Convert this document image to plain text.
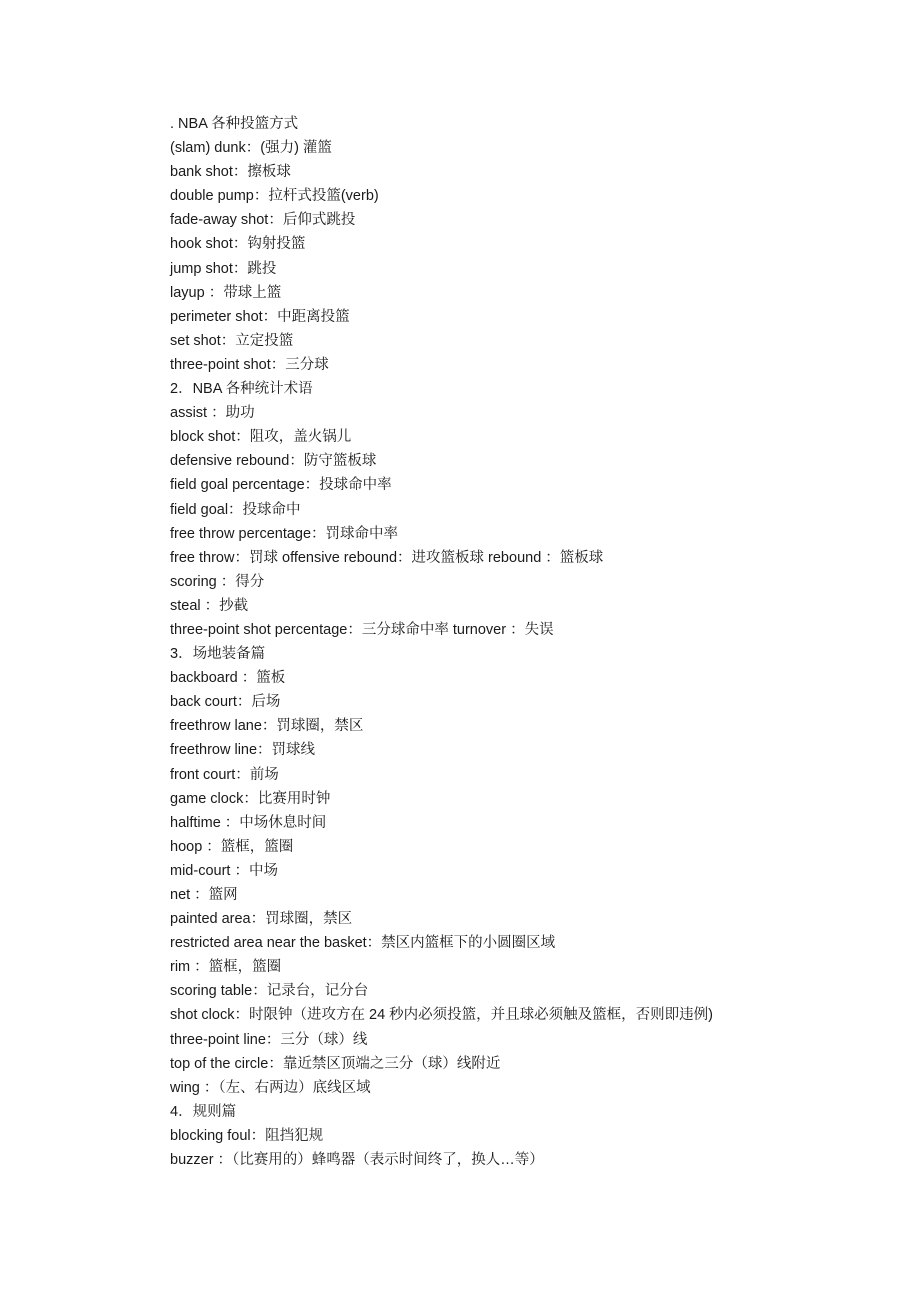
. NBA 各种投篮方式
(slam) dunk：(强力) 灌篮
bank shot：擦板球
double pump：拉杆式投篮(verb)
fade-away shot：后仰式跳投
hook shot：钩射投篮
jump shot：跳投
layup ：带球上篮
perimeter shot：中距离投篮
set shot：立定投篮
three-point shot：三分球
2．NBA 各种统计术语
assist ：助功
block shot：阻攻，盖火锅儿
defensive rebound：防守篮板球
field goal percentage：投球命中率
field goal：投球命中
free throw percentage：罚球命中率
free throw：罚球 offensive rebound：进攻篮板球 rebound ：篮板球
scoring ：得分
steal ：抄截
three-point shot percentage：三分球命中率 turnover ：失误
3．场地装备篇
backboard ：篮板
back court：后场
freethrow lane：罚球圈，禁区
freethrow line：罚球线
front court：前场
game clock：比赛用时钟
halftime ：中场休息时间
hoop ：篮框，篮圈
mid-court ：中场
net ：篮网
painted area：罚球圈，禁区
restricted area near the basket：禁区内篮框下的小圆圈区域
rim ：篮框，篮圈
scoring table：记录台，记分台
shot clock：时限钟（进攻方在 24 秒内必须投篮，并且球必须触及篮框，否则即违例)
three-point line：三分（球）线
top of the circle：靠近禁区顶端之三分（球）线附近
wing ：（左、右两边）底线区域
4．规则篇
blocking foul：阻挡犯规
buzzer ：（比赛用的）蜂鸣器（表示时间终了，换人…等）
